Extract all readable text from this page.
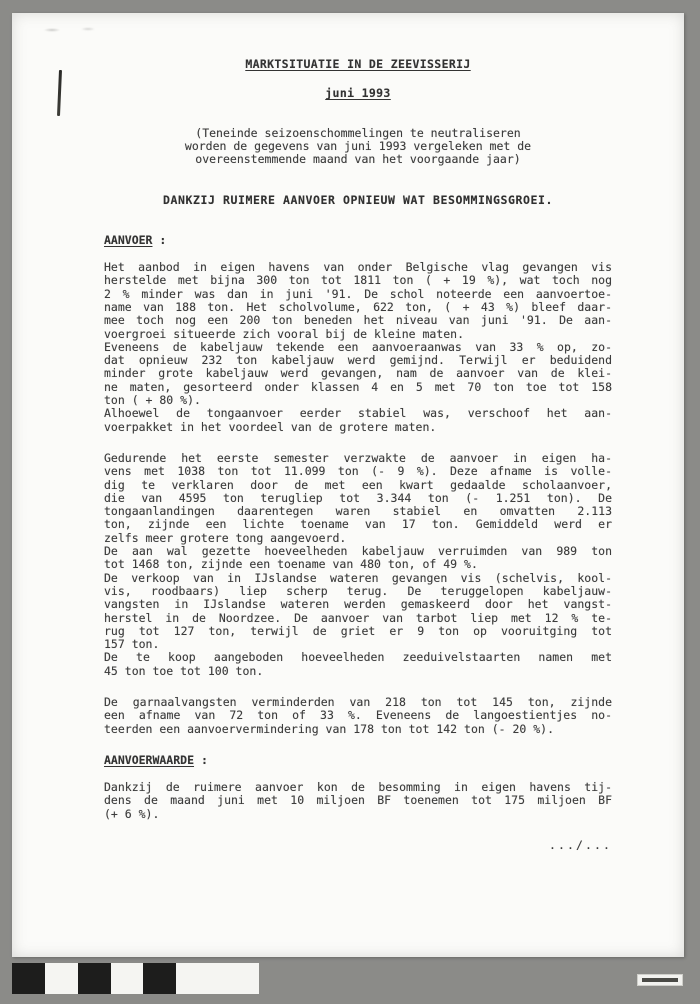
MARKTSITUATIE IN DE ZEEVISSERIJ
juni 1993
(Teneinde seizoenschommelingen te neutraliseren
worden de gegevens van juni 1993 vergeleken met de
overeenstemmende maand van het voorgaande jaar)
DANKZIJ RUIMERE AANVOER OPNIEUW WAT BESOMMINGSGROEI.
AANVOER :
Het aanbod in eigen havens van onder Belgische vlag gevangen vis
herstelde met bijna 300 ton tot 1811 ton ( + 19 %), wat toch nog
2 % minder was dan in juni '91. De schol noteerde een aanvoertoe-
name van 188 ton. Het scholvolume, 622 ton, ( + 43 %) bleef daar-
mee toch nog een 200 ton beneden het niveau van juni '91. De aan-
voergroei situeerde zich vooral bij de kleine maten.
Eveneens de kabeljauw tekende een aanvoeraanwas van 33 % op, zo-
dat opnieuw 232 ton kabeljauw werd gemijnd. Terwijl er beduidend
minder grote kabeljauw werd gevangen, nam de aanvoer van de klei-
ne maten, gesorteerd onder klassen 4 en 5 met 70 ton toe tot 158
ton ( + 80 %).
Alhoewel de tongaanvoer eerder stabiel was, verschoof het aan-
voerpakket in het voordeel van de grotere maten.
Gedurende het eerste semester verzwakte de aanvoer in eigen ha-
vens met 1038 ton tot 11.099 ton (- 9 %). Deze afname is volle-
dig te verklaren door de met een kwart gedaalde scholaanvoer,
die van 4595 ton terugliep tot 3.344 ton (- 1.251 ton). De
tongaanlandingen daarentegen waren stabiel en omvatten 2.113
ton, zijnde een lichte toename van 17 ton. Gemiddeld werd er
zelfs meer grotere tong aangevoerd.
De aan wal gezette hoeveelheden kabeljauw verruimden van 989 ton
tot 1468 ton, zijnde een toename van 480 ton, of 49 %.
De verkoop van in IJslandse wateren gevangen vis (schelvis, kool-
vis, roodbaars) liep scherp terug. De teruggelopen kabeljauw-
vangsten in IJslandse wateren werden gemaskeerd door het vangst-
herstel in de Noordzee. De aanvoer van tarbot liep met 12 % te-
rug tot 127 ton, terwijl de griet er 9 ton op vooruitging tot
157 ton.
De te koop aangeboden hoeveelheden zeeduivelstaarten namen met
45 ton toe tot 100 ton.
De garnaalvangsten verminderden van 218 ton tot 145 ton, zijnde
een afname van 72 ton of 33 %. Eveneens de langoestientjes no-
teerden een aanvoervermindering van 178 ton tot 142 ton (- 20 %).
AANVOERWAARDE :
Dankzij de ruimere aanvoer kon de besomming in eigen havens tij-
dens de maand juni met 10 miljoen BF toenemen tot 175 miljoen BF
(+ 6 %).
.../...
